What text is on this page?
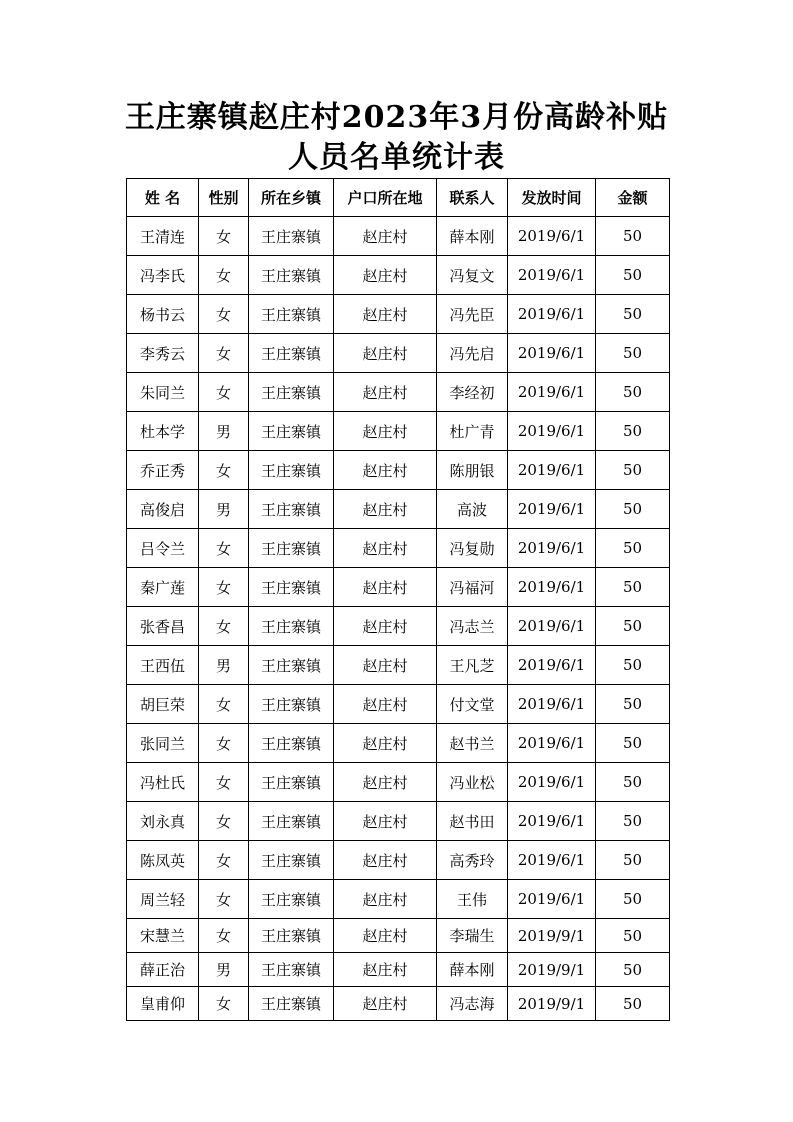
王庄寨镇赵庄村2023年3月份高龄补贴
人员名单统计表
姓 名	性别	所在乡镇	户口所在地	联系人	发放时间	金额
王清连	女	王庄寨镇	赵庄村	薛本刚	2019/6/1	50
冯李氏	女	王庄寨镇	赵庄村	冯复文	2019/6/1	50
杨书云	女	王庄寨镇	赵庄村	冯先臣	2019/6/1	50
李秀云	女	王庄寨镇	赵庄村	冯先启	2019/6/1	50
朱同兰	女	王庄寨镇	赵庄村	李经初	2019/6/1	50
杜本学	男	王庄寨镇	赵庄村	杜广青	2019/6/1	50
乔正秀	女	王庄寨镇	赵庄村	陈朋银	2019/6/1	50
高俊启	男	王庄寨镇	赵庄村	高波	2019/6/1	50
吕令兰	女	王庄寨镇	赵庄村	冯复勋	2019/6/1	50
秦广莲	女	王庄寨镇	赵庄村	冯福河	2019/6/1	50
张香昌	女	王庄寨镇	赵庄村	冯志兰	2019/6/1	50
王西伍	男	王庄寨镇	赵庄村	王凡芝	2019/6/1	50
胡巨荣	女	王庄寨镇	赵庄村	付文堂	2019/6/1	50
张同兰	女	王庄寨镇	赵庄村	赵书兰	2019/6/1	50
冯杜氏	女	王庄寨镇	赵庄村	冯业松	2019/6/1	50
刘永真	女	王庄寨镇	赵庄村	赵书田	2019/6/1	50
陈凤英	女	王庄寨镇	赵庄村	高秀玲	2019/6/1	50
周兰轻	女	王庄寨镇	赵庄村	王伟	2019/6/1	50
宋慧兰	女	王庄寨镇	赵庄村	李瑞生	2019/9/1	50
薛正治	男	王庄寨镇	赵庄村	薛本刚	2019/9/1	50
皇甫仰	女	王庄寨镇	赵庄村	冯志海	2019/9/1	50
